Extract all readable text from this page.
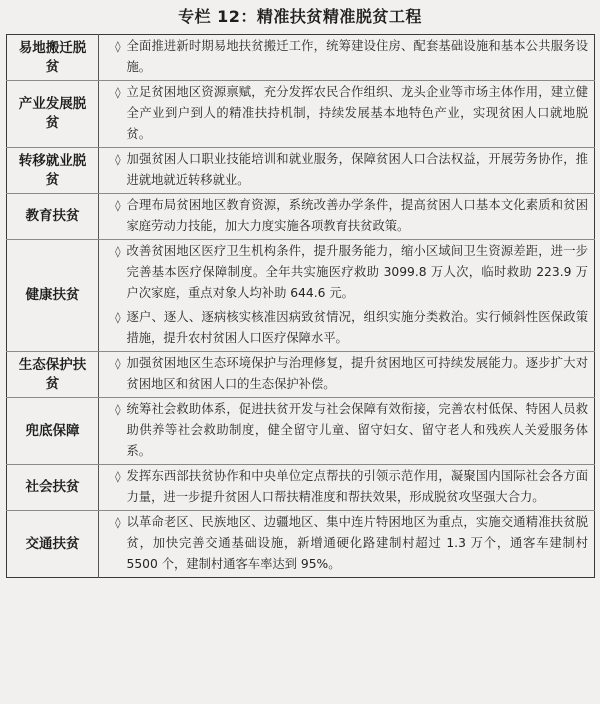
专栏 12：精准扶贫精准脱贫工程
易地搬迁脱贫	◊	全面推进新时期易地扶贫搬迁工作，统筹建设住房、配套基础设施和基本公共服务设施。
产业发展脱贫	◊	立足贫困地区资源禀赋，充分发挥农民合作组织、龙头企业等市场主体作用，建立健全产业到户到人的精准扶持机制，持续发展基本地特色产业，实现贫困人口就地脱贫。
转移就业脱贫	◊	加强贫困人口职业技能培训和就业服务，保障贫困人口合法权益，开展劳务协作，推进就地就近转移就业。
教育扶贫	◊	合理布局贫困地区教育资源，系统改善办学条件，提高贫困人口基本文化素质和贫困家庭劳动力技能，加大力度实施各项教育扶贫政策。
健康扶贫	◊	改善贫困地区医疗卫生机构条件，提升服务能力，缩小区域间卫生资源差距，进一步完善基本医疗保障制度。全年共实施医疗救助 3099.8 万人次，临时救助 223.9 万户次家庭，重点对象人均补助 644.6 元。
	◊	逐户、逐人、逐病核实核准因病致贫情况，组织实施分类救治。实行倾斜性医保政策措施，提升农村贫困人口医疗保障水平。
生态保护扶贫	◊	加强贫困地区生态环境保护与治理修复，提升贫困地区可持续发展能力。逐步扩大对贫困地区和贫困人口的生态保护补偿。
兜底保障	◊	统筹社会救助体系，促进扶贫开发与社会保障有效衔接，完善农村低保、特困人员救助供养等社会救助制度，健全留守儿童、留守妇女、留守老人和残疾人关爱服务体系。
社会扶贫	◊	发挥东西部扶贫协作和中央单位定点帮扶的引领示范作用，凝聚国内国际社会各方面力量，进一步提升贫困人口帮扶精准度和帮扶效果，形成脱贫攻坚强大合力。
交通扶贫	◊	以革命老区、民族地区、边疆地区、集中连片特困地区为重点，实施交通精准扶贫脱贫，加快完善交通基础设施，新增通硬化路建制村超过 1.3 万个，通客车建制村 5500 个，建制村通客车率达到 95%。
